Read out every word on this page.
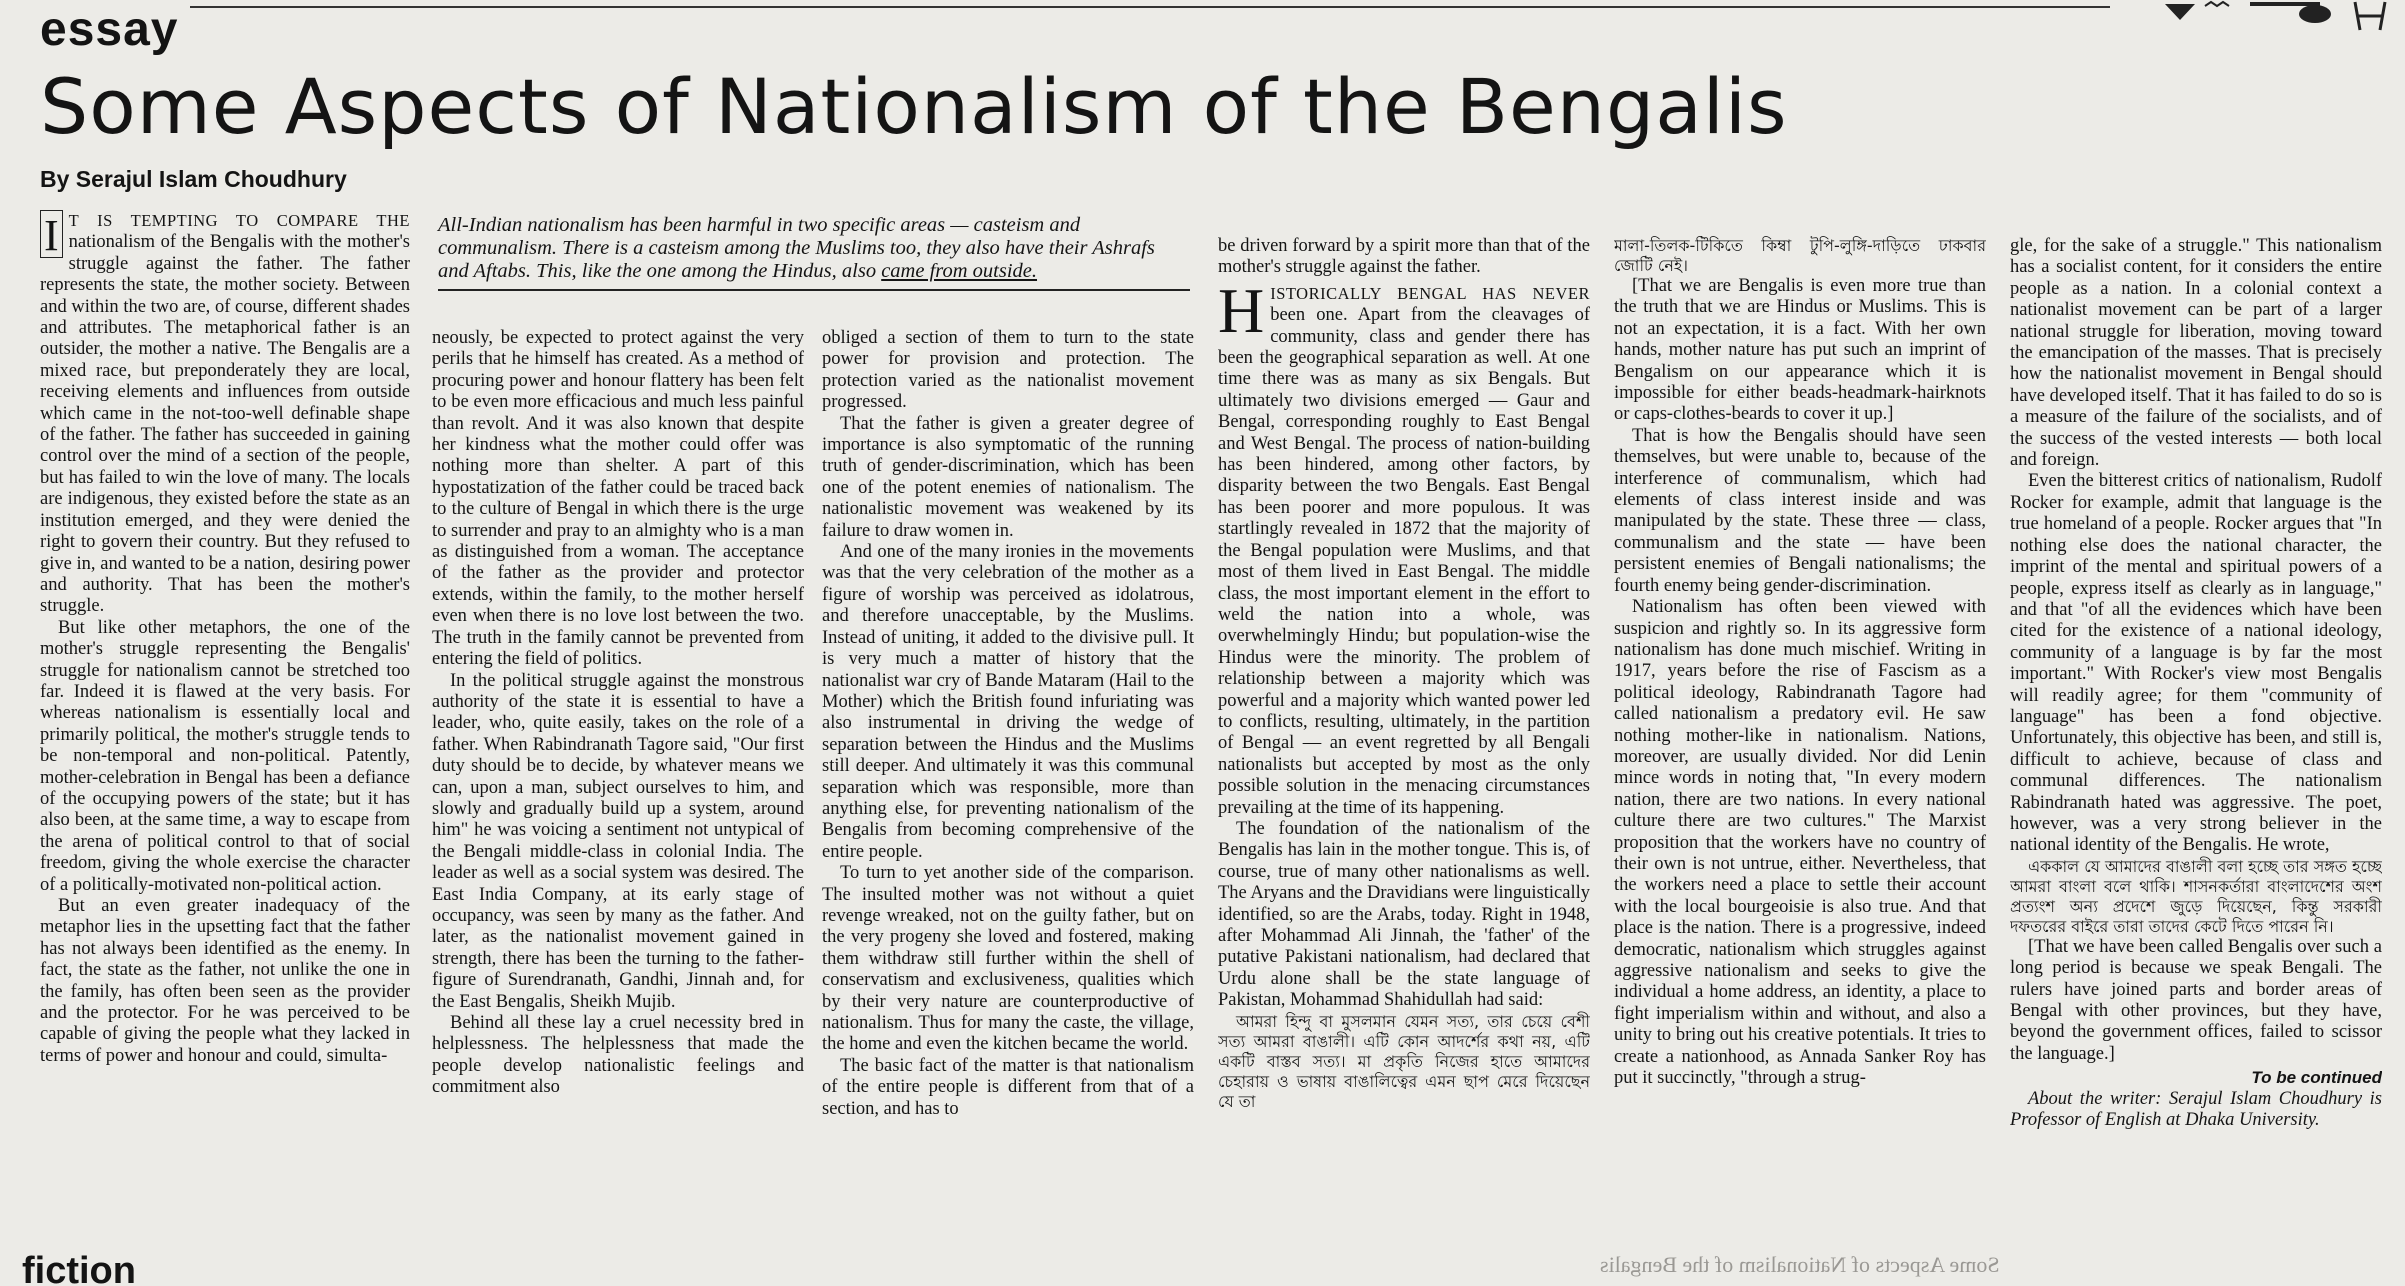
essay
Some Aspects of Nationalism of the Bengalis
By Serajul Islam Choudhury

I T IS TEMPTING TO COMPARE THE nationalism of the Bengalis with the mother's struggle against the father. The father represents the state, the mother society. Between and within the two are, of course, different shades and attributes. The metaphorical father is an outsider, the mother a native. The Bengalis are a mixed race, but preponderately they are local, receiving elements and influences from outside which came in the not-too-well definable shape of the father. The father has succeeded in gaining control over the mind of a section of the people, but has failed to win the love of many. The locals are indigenous, they existed before the state as an institution emerged, and they were denied the right to govern their country. But they refused to give in, and wanted to be a nation, desiring power and authority. That has been the mother's struggle.

But like other metaphors, the one of the mother's struggle representing the Bengalis' struggle for nationalism cannot be stretched too far. Indeed it is flawed at the very basis. For whereas nationalism is essentially local and primarily political, the mother's struggle tends to be non-temporal and non-political. Patently, mother-celebration in Bengal has been a defiance of the occupying powers of the state; but it has also been, at the same time, a way to escape from the arena of political control to that of social freedom, giving the whole exercise the character of a politically-motivated non-political action.

But an even greater inadequacy of the metaphor lies in the upsetting fact that the father has not always been identified as the enemy. In fact, the state as the father, not unlike the one in the family, has often been seen as the provider and the protector. For he was perceived to be capable of giving the people what they lacked in terms of power and honour and could, simulta-

All-Indian nationalism has been harmful in two specific areas — casteism and communalism. There is a casteism among the Muslims too, they also have their Ashrafs and Aftabs. This, like the one among the Hindus, also came from outside.

neously, be expected to protect against the very perils that he himself has created. As a method of procuring power and honour flattery has been felt to be even more efficacious and much less painful than revolt. And it was also known that despite her kindness what the mother could offer was nothing more than shelter. A part of this hypostatization of the father could be traced back to the culture of Bengal in which there is the urge to surrender and pray to an almighty who is a man as distinguished from a woman. The acceptance of the father as the provider and protector extends, within the family, to the mother herself even when there is no love lost between the two. The truth in the family cannot be prevented from entering the field of politics.

In the political struggle against the monstrous authority of the state it is essential to have a leader, who, quite easily, takes on the role of a father. When Rabindranath Tagore said, "Our first duty should be to decide, by whatever means we can, upon a man, subject ourselves to him, and slowly and gradually build up a system, around him" he was voicing a sentiment not untypical of the Bengali middle-class in colonial India. The leader as well as a social system was desired. The East India Company, at its early stage of occupancy, was seen by many as the father. And later, as the nationalist movement gained in strength, there has been the turning to the father-figure of Surendranath, Gandhi, Jinnah and, for the East Bengalis, Sheikh Mujib.

Behind all these lay a cruel necessity bred in helplessness. The helplessness that made the people develop nationalistic feelings and commitment also

obliged a section of them to turn to the state power for provision and protection. The protection varied as the nationalist movement progressed.

That the father is given a greater degree of importance is also symptomatic of the running truth of gender-discrimination, which has been one of the potent enemies of nationalism. The nationalistic movement was weakened by its failure to draw women in.

And one of the many ironies in the movements was that the very celebration of the mother as a figure of worship was perceived as idolatrous, and therefore unacceptable, by the Muslims. Instead of uniting, it added to the divisive pull. It is very much a matter of history that the nationalist war cry of Bande Mataram (Hail to the Mother) which the British found infuriating was also instrumental in driving the wedge of separation between the Hindus and the Muslims still deeper. And ultimately it was this communal separation which was responsible, more than anything else, for preventing nationalism of the Bengalis from becoming comprehensive of the entire people.

To turn to yet another side of the comparison. The insulted mother was not without a quiet revenge wreaked, not on the guilty father, but on the very progeny she loved and fostered, making them withdraw still further within the shell of conservatism and exclusiveness, qualities which by their very nature are counterproductive of nationalism. Thus for many the caste, the village, the home and even the kitchen became the world.

The basic fact of the matter is that nationalism of the entire people is different from that of a section, and has to

be driven forward by a spirit more than that of the mother's struggle against the father.

HISTORICALLY BENGAL HAS NEVER been one. Apart from the cleavages of community, class and gender there has been the geographical separation as well. At one time there was as many as six Bengals. But ultimately two divisions emerged — Gaur and Bengal, corresponding roughly to East Bengal and West Bengal. The process of nation-building has been hindered, among other factors, by disparity between the two Bengals. East Bengal has been poorer and more populous. It was startlingly revealed in 1872 that the majority of the Bengal population were Muslims, and that most of them lived in East Bengal. The middle class, the most important element in the effort to weld the nation into a whole, was overwhelmingly Hindu; but population-wise the Hindus were the minority. The problem of relationship between a majority which was powerful and a majority which wanted power led to conflicts, resulting, ultimately, in the partition of Bengal — an event regretted by all Bengali nationalists but accepted by most as the only possible solution in the menacing circumstances prevailing at the time of its happening.

The foundation of the nationalism of the Bengalis has lain in the mother tongue. This is, of course, true of many other nationalisms as well. The Aryans and the Dravidians were linguistically identified, so are the Arabs, today. Right in 1948, after Mohammad Ali Jinnah, the 'father' of the putative Pakistani nationalism, had declared that Urdu alone shall be the state language of Pakistan, Mohammad Shahidullah had said:

আমরা হিন্দু বা মুসলমান যেমন সত্য, তার চেয়ে বেশী সত্য আমরা বাঙালী। এটি কোন আদর্শের কথা নয়, এটি একটি বাস্তব সত্য। মা প্রকৃতি নিজের হাতে আমাদের চেহারায় ও ভাষায় বাঙালিত্বের এমন ছাপ মেরে দিয়েছেন যে তা

মালা-তিলক-টিকিতে কিম্বা টুপি-লুঙ্গি-দাড়িতে ঢাকবার জোটি নেই।

[That we are Bengalis is even more true than the truth that we are Hindus or Muslims. This is not an expectation, it is a fact. With her own hands, mother nature has put such an imprint of Bengalism on our appearance which it is impossible for either beads-headmark-hairknots or caps-clothes-beards to cover it up.]

That is how the Bengalis should have seen themselves, but were unable to, because of the interference of communalism, which had elements of class interest inside and was manipulated by the state. These three — class, communalism and the state — have been persistent enemies of Bengali nationalisms; the fourth enemy being gender-discrimination.

Nationalism has often been viewed with suspicion and rightly so. In its aggressive form nationalism has done much mischief. Writing in 1917, years before the rise of Fascism as a political ideology, Rabindranath Tagore had called nationalism a predatory evil. He saw nothing mother-like in nationalism. Nations, moreover, are usually divided. Nor did Lenin mince words in noting that, "In every modern nation, there are two nations. In every national culture there are two cultures." The Marxist proposition that the workers have no country of their own is not untrue, either. Nevertheless, that the workers need a place to settle their account with the local bourgeoisie is also true. And that place is the nation. There is a progressive, indeed democratic, nationalism which struggles against aggressive nationalism and seeks to give the individual a home address, an identity, a place to fight imperialism within and without, and also a unity to bring out his creative potentials. It tries to create a nationhood, as Annada Sanker Roy has put it succinctly, "through a strug-

gle, for the sake of a struggle." This nationalism has a socialist content, for it considers the entire people as a nation. In a colonial context a nationalist movement can be part of a larger national struggle for liberation, moving toward the emancipation of the masses. That is precisely how the nationalist movement in Bengal should have developed itself. That it has failed to do so is a measure of the failure of the socialists, and of the success of the vested interests — both local and foreign.

Even the bitterest critics of nationalism, Rudolf Rocker for example, admit that language is the true homeland of a people. Rocker argues that "In nothing else does the national character, the imprint of the mental and spiritual powers of a people, express itself as clearly as in language," and that "of all the evidences which have been cited for the existence of a national ideology, community of a language is by far the most important." With Rocker's view most Bengalis will readily agree; for them "community of language" has been a fond objective. Unfortunately, this objective has been, and still is, difficult to achieve, because of class and communal differences. The nationalism Rabindranath hated was aggressive. The poet, however, was a very strong believer in the national identity of the Bengalis. He wrote,

এককাল যে আমাদের বাঙালী বলা হচ্ছে তার সঙ্গত হচ্ছে আমরা বাংলা বলে থাকি। শাসনকর্তারা বাংলাদেশের অংশ প্রত্যংশ অন্য প্রদেশে জুড়ে দিয়েছেন, কিন্তু সরকারী দফতরের বাইরে তারা তাদের কেটে দিতে পারেন নি।

[That we have been called Bengalis over such a long period is because we speak Bengali. The rulers have joined parts and border areas of Bengal with other provinces, but they have, beyond the government offices, failed to scissor the language.]

To be continued

About the writer: Serajul Islam Choudhury is Professor of English at Dhaka University.

fiction	Some Aspects of Nationalism of the Bengalis
